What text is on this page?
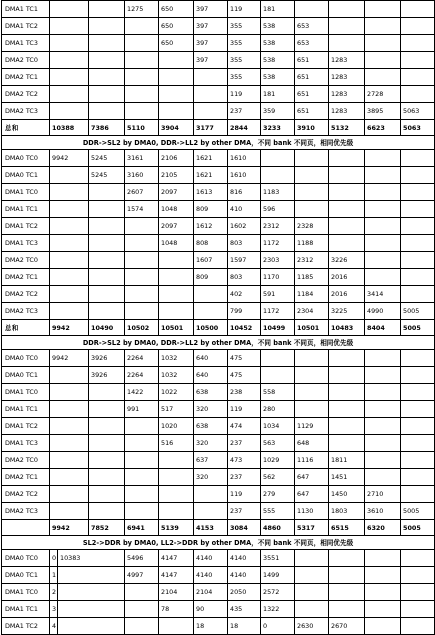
DMA1 TC1				1275	650	397	119	181				
DMA1 TC2					650	397	355	538	653			
DMA1 TC3					650	397	355	538	653			
DMA2 TC0						397	355	538	651	1283		
DMA2 TC1							355	538	651	1283		
DMA2 TC2							119	181	651	1283	2728	
DMA2 TC3							237	359	651	1283	3895	5063
总和	10388		7386	5110	3904	3177	2844	3233	3910	5132	6623	5063
DDR->SL2 by DMA0, DDR->LL2 by other DMA，不同 bank 不同页，相同优先级												
DMA0 TC0	9942		5245	3161	2106	1621	1610					
DMA0 TC1			5245	3160	2105	1621	1610					
DMA1 TC0				2607	2097	1613	816	1183				
DMA1 TC1				1574	1048	809	410	596				
DMA1 TC2					2097	1612	1602	2312	2328			
DMA1 TC3					1048	808	803	1172	1188			
DMA2 TC0						1607	1597	2303	2312	3226		
DMA2 TC1						809	803	1170	1185	2016		
DMA2 TC2							402	591	1184	2016	3414	
DMA2 TC3							799	1172	2304	3225	4990	5005
总和	9942		10490	10502	10501	10500	10452	10499	10501	10483	8404	5005
DDR->SL2 by DMA0, DDR->LL2 by other DMA，不同 bank 不同页，相同优先级												
DMA0 TC0	9942		3926	2264	1032	640	475					
DMA0 TC1			3926	2264	1032	640	475					
DMA1 TC0				1422	1022	638	238	558				
DMA1 TC1				991	517	320	119	280				
DMA1 TC2					1020	638	474	1034	1129			
DMA1 TC3					516	320	237	563	648			
DMA2 TC0						637	473	1029	1116	1811		
DMA2 TC1						320	237	562	647	1451		
DMA2 TC2							119	279	647	1450	2710	
DMA2 TC3							237	555	1130	1803	3610	5005
	9942		7852	6941	5139	4153	3084	4860	5317	6515	6320	5005
SL2->DDR by DMA0, LL2->DDR by other DMA，不同 bank 不同页，相同优先级												
DMA0 TC0	0	10383		5496	4147	4140	4140	3551				
DMA0 TC1	1			4997	4147	4140	4140	1499				
DMA1 TC0	2				2104	2104	2050	2572				
DMA1 TC1	3				78	90	435	1322				
DMA1 TC2	4					18	18	0	2630	2670		
